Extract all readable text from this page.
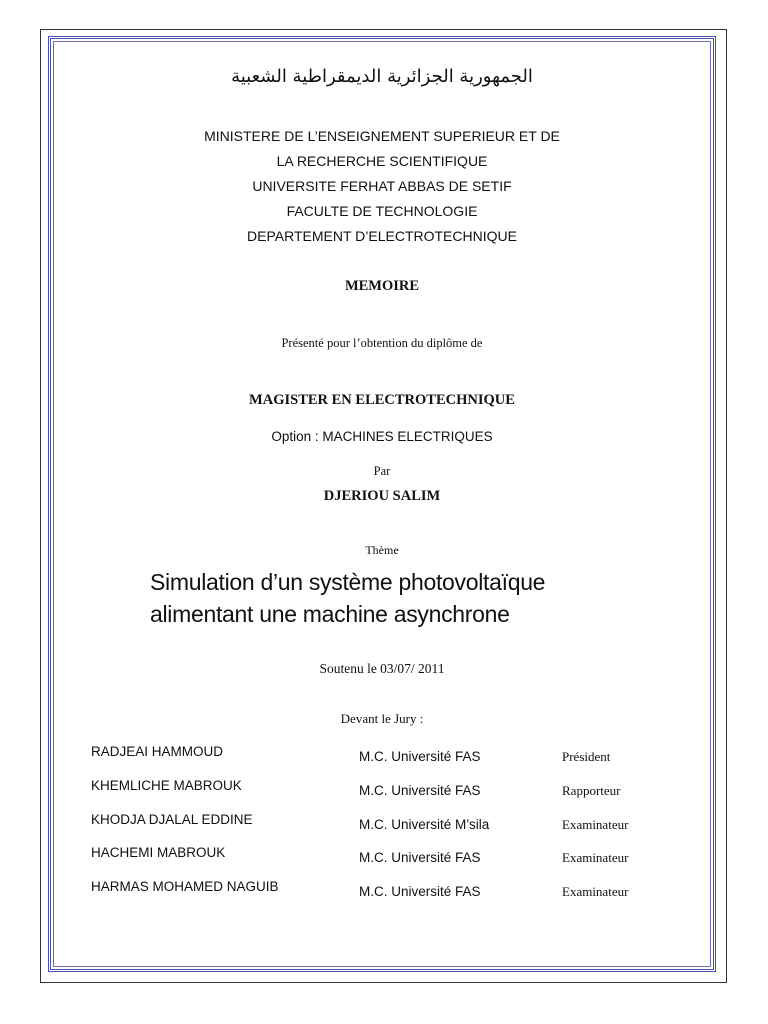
الجمهورية الجزائرية الديمقراطية الشعبية
MINISTERE DE L’ENSEIGNEMENT SUPERIEUR ET DE
LA RECHERCHE SCIENTIFIQUE
UNIVERSITE FERHAT ABBAS DE SETIF
FACULTE DE TECHNOLOGIE
DEPARTEMENT D’ELECTROTECHNIQUE
MEMOIRE
Présenté pour l’obtention du diplôme de
MAGISTER EN ELECTROTECHNIQUE
Option : MACHINES ELECTRIQUES
Par
DJERIOU SALIM
Thème
Simulation d’un système photovoltaïque
alimentant une machine asynchrone
Soutenu le 03/07/ 2011
Devant le Jury :
RADJEAI HAMMOUD	M.C. Université FAS	Président
KHEMLICHE MABROUK	M.C. Université FAS	Rapporteur
KHODJA DJALAL EDDINE	M.C. Université M’sila	Examinateur
HACHEMI MABROUK	M.C. Université FAS	Examinateur
HARMAS MOHAMED NAGUIB	M.C. Université FAS	Examinateur
